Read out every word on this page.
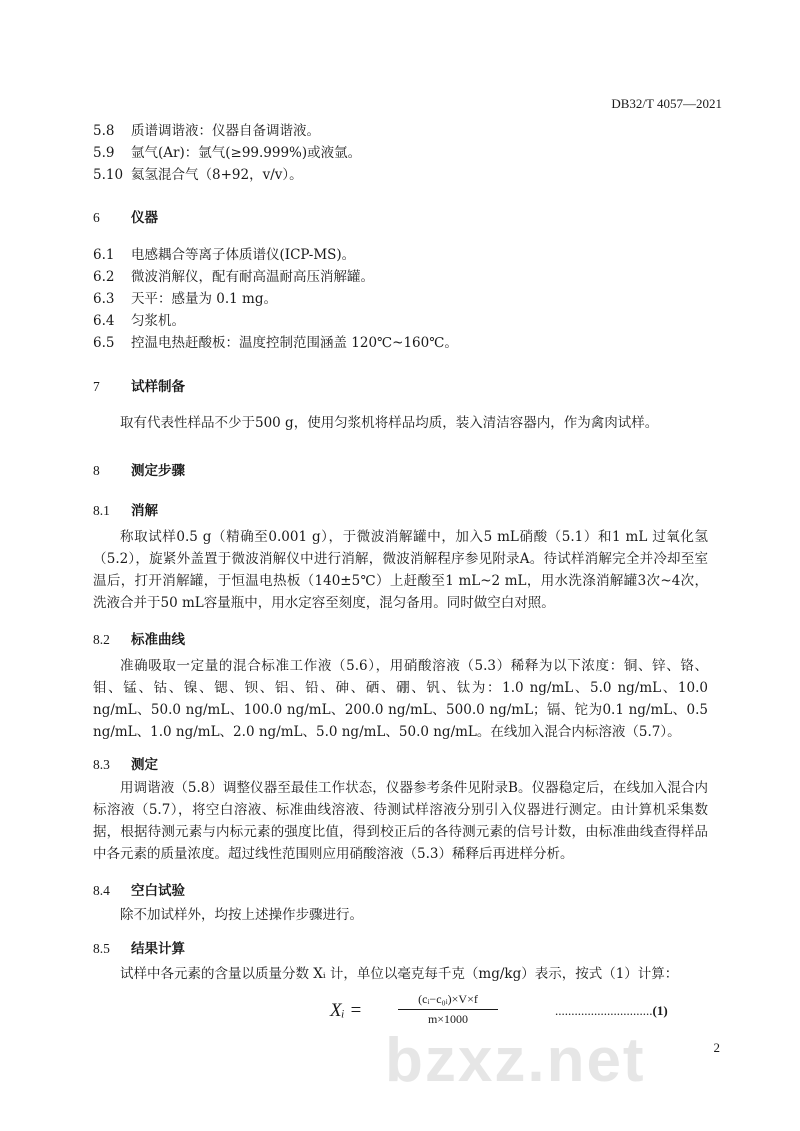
DB32/T 4057—2021
5.8 质谱调谐液：仪器自备调谐液。
5.9 氩气(Ar)：氩气(≥99.999%)或液氩。
5.10 氦氢混合气（8+92，v/v）。
6 仪器
6.1 电感耦合等离子体质谱仪(ICP-MS)。
6.2 微波消解仪，配有耐高温耐高压消解罐。
6.3 天平：感量为 0.1 mg。
6.4 匀浆机。
6.5 控温电热赶酸板：温度控制范围涵盖 120℃~160℃。
7 试样制备
取有代表性样品不少于500 g，使用匀浆机将样品均质，装入清洁容器内，作为禽肉试样。
8 测定步骤
8.1 消解
称取试样0.5 g（精确至0.001 g），于微波消解罐中，加入5 mL硝酸（5.1）和1 mL 过氧化氢（5.2），旋紧外盖置于微波消解仪中进行消解，微波消解程序参见附录A。待试样消解完全并冷却至室温后，打开消解罐，于恒温电热板（140±5℃）上赶酸至1 mL~2 mL，用水洗涤消解罐3次~4次，洗液合并于50 mL容量瓶中，用水定容至刻度，混匀备用。同时做空白对照。
8.2 标准曲线
准确吸取一定量的混合标准工作液（5.6），用硝酸溶液（5.3）稀释为以下浓度：铜、锌、铬、钼、锰、钴、镍、锶、钡、铝、铅、砷、硒、硼、钒、钛为：1.0 ng/mL、5.0 ng/mL、10.0 ng/mL、50.0 ng/mL、100.0 ng/mL、200.0 ng/mL、500.0 ng/mL；镉、铊为0.1 ng/mL、0.5 ng/mL、1.0 ng/mL、2.0 ng/mL、5.0 ng/mL、50.0 ng/mL。在线加入混合内标溶液（5.7）。
8.3 测定
用调谐液（5.8）调整仪器至最佳工作状态，仪器参考条件见附录B。仪器稳定后，在线加入混合内标溶液（5.7），将空白溶液、标准曲线溶液、待测试样溶液分别引入仪器进行测定。由计算机采集数据，根据待测元素与内标元素的强度比值，得到校正后的各待测元素的信号计数，由标准曲线查得样品中各元素的质量浓度。超过线性范围则应用硝酸溶液（5.3）稀释后再进样分析。
8.4 空白试验
除不加试样外，均按上述操作步骤进行。
8.5 结果计算
试样中各元素的含量以质量分数 Xᵢ 计，单位以毫克每千克（mg/kg）表示，按式（1）计算：
Xᵢ =
(cᵢ−c₀ᵢ)×V×f
m×1000
..............................(1)
bzxz.net	2
